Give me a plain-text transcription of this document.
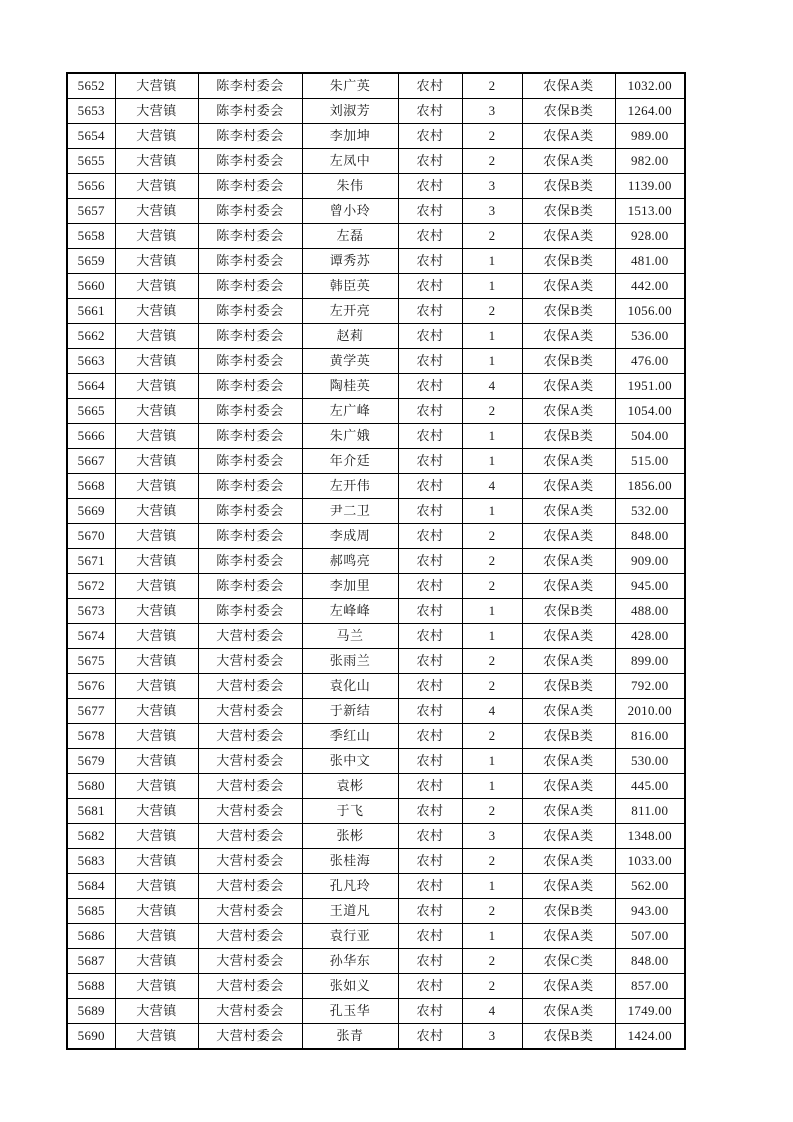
5652	大营镇	陈李村委会	朱广英	农村	2	农保A类	1032.00
5653	大营镇	陈李村委会	刘淑芳	农村	3	农保B类	1264.00
5654	大营镇	陈李村委会	李加坤	农村	2	农保A类	989.00
5655	大营镇	陈李村委会	左凤中	农村	2	农保A类	982.00
5656	大营镇	陈李村委会	朱伟	农村	3	农保B类	1139.00
5657	大营镇	陈李村委会	曾小玲	农村	3	农保B类	1513.00
5658	大营镇	陈李村委会	左磊	农村	2	农保A类	928.00
5659	大营镇	陈李村委会	谭秀苏	农村	1	农保B类	481.00
5660	大营镇	陈李村委会	韩臣英	农村	1	农保A类	442.00
5661	大营镇	陈李村委会	左开亮	农村	2	农保B类	1056.00
5662	大营镇	陈李村委会	赵莉	农村	1	农保A类	536.00
5663	大营镇	陈李村委会	黄学英	农村	1	农保B类	476.00
5664	大营镇	陈李村委会	陶桂英	农村	4	农保A类	1951.00
5665	大营镇	陈李村委会	左广峰	农村	2	农保A类	1054.00
5666	大营镇	陈李村委会	朱广娥	农村	1	农保B类	504.00
5667	大营镇	陈李村委会	年介廷	农村	1	农保A类	515.00
5668	大营镇	陈李村委会	左开伟	农村	4	农保A类	1856.00
5669	大营镇	陈李村委会	尹二卫	农村	1	农保A类	532.00
5670	大营镇	陈李村委会	李成周	农村	2	农保A类	848.00
5671	大营镇	陈李村委会	郝鸣亮	农村	2	农保A类	909.00
5672	大营镇	陈李村委会	李加里	农村	2	农保A类	945.00
5673	大营镇	陈李村委会	左峰峰	农村	1	农保B类	488.00
5674	大营镇	大营村委会	马兰	农村	1	农保A类	428.00
5675	大营镇	大营村委会	张雨兰	农村	2	农保A类	899.00
5676	大营镇	大营村委会	袁化山	农村	2	农保B类	792.00
5677	大营镇	大营村委会	于新结	农村	4	农保A类	2010.00
5678	大营镇	大营村委会	季红山	农村	2	农保B类	816.00
5679	大营镇	大营村委会	张中文	农村	1	农保A类	530.00
5680	大营镇	大营村委会	袁彬	农村	1	农保A类	445.00
5681	大营镇	大营村委会	于飞	农村	2	农保A类	811.00
5682	大营镇	大营村委会	张彬	农村	3	农保A类	1348.00
5683	大营镇	大营村委会	张桂海	农村	2	农保A类	1033.00
5684	大营镇	大营村委会	孔凡玲	农村	1	农保A类	562.00
5685	大营镇	大营村委会	王道凡	农村	2	农保B类	943.00
5686	大营镇	大营村委会	袁行亚	农村	1	农保A类	507.00
5687	大营镇	大营村委会	孙华东	农村	2	农保C类	848.00
5688	大营镇	大营村委会	张如义	农村	2	农保A类	857.00
5689	大营镇	大营村委会	孔玉华	农村	4	农保A类	1749.00
5690	大营镇	大营村委会	张青	农村	3	农保B类	1424.00
